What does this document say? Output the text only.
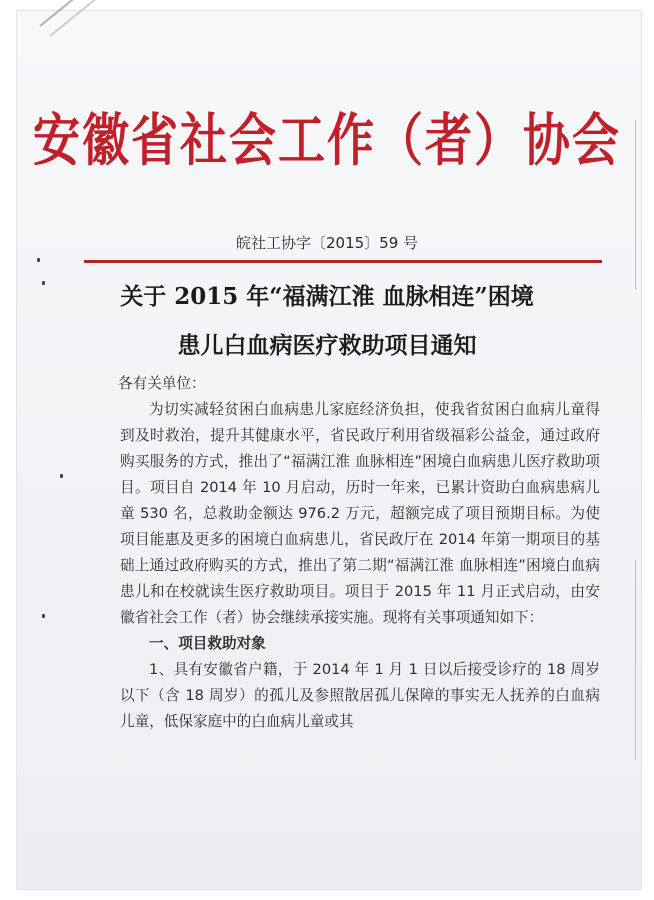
安徽省社会工作（者）协会
皖社工协字〔2015〕59 号
关于 2015 年“福满江淮 血脉相连”困境
患儿白血病医疗救助项目通知

各有关单位：

为切实减轻贫困白血病患儿家庭经济负担，使我省贫困白血病儿童得到及时救治，提升其健康水平，省民政厅利用省级福彩公益金，通过政府购买服务的方式，推出了“福满江淮 血脉相连”困境白血病患儿医疗救助项目。项目自 2014 年 10 月启动，历时一年来，已累计资助白血病患病儿童 530 名，总救助金额达 976.2 万元，超额完成了项目预期目标。为使项目能惠及更多的困境白血病患儿，省民政厅在 2014 年第一期项目的基础上通过政府购买的方式，推出了第二期“福满江淮 血脉相连”困境白血病患儿和在校就读生医疗救助项目。项目于 2015 年 11 月正式启动，由安徽省社会工作（者）协会继续承接实施。现将有关事项通知如下：

一、项目救助对象

1、具有安徽省户籍，于 2014 年 1 月 1 日以后接受诊疗的 18 周岁以下（含 18 周岁）的孤儿及参照散居孤儿保障的事实无人抚养的白血病儿童，低保家庭中的白血病儿童或其
